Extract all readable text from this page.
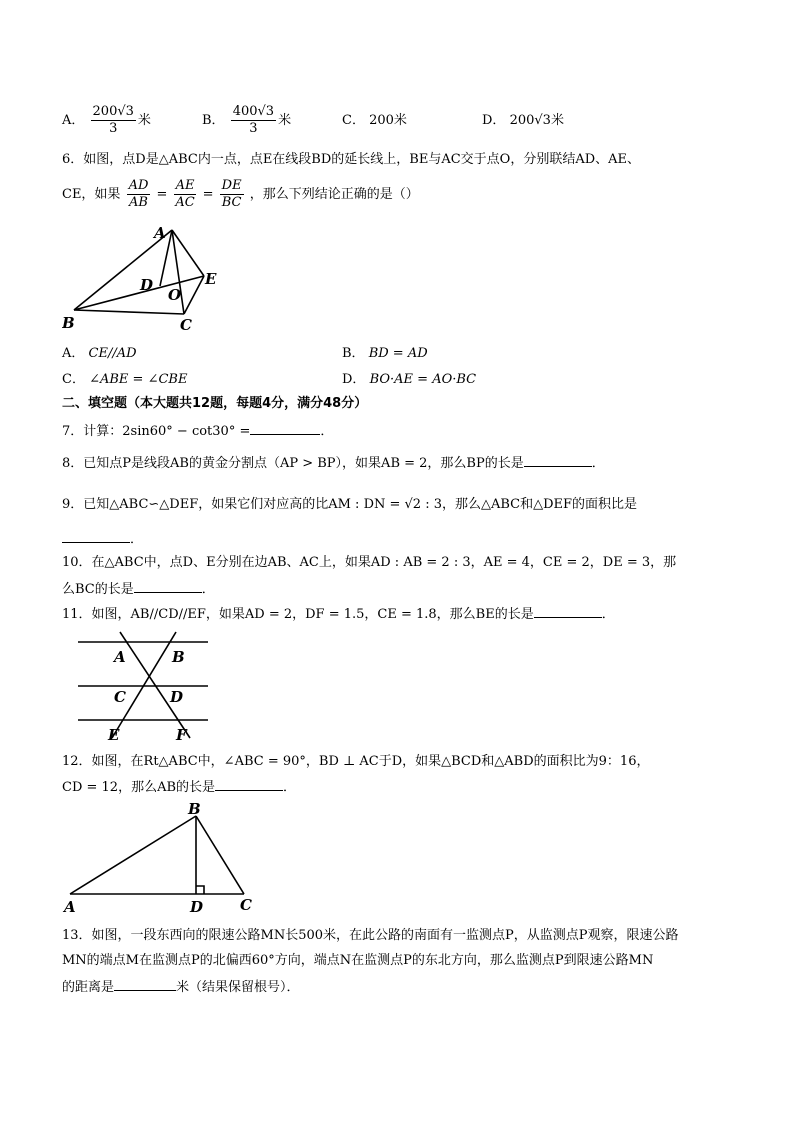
A． $\frac{200√3}{3}$ 米	B． $\frac{400√3}{3}$ 米	C． 200米	D． 200√3米
6．如图，点D是△ABC内一点，点E在线段BD的延长线上，BE与AC交于点O，分别联结AD、AE、
CE，如果 $\frac{AD}{AB} = \frac{AE}{AC} = \frac{DE}{BC}$ ，那么下列结论正确的是（）
A
B	C
D	E
O
A． CE//AD	B． BD = AD
C． ∠ABE = ∠CBE	D． BO·AE = AO·BC
二、填空题（本大题共12题，每题4分，满分48分）
7．计算：2sin60° − cot30° =	．
8．已知点P是线段AB的黄金分割点（AP > BP），如果AB = 2，那么BP的长是	．
9．已知△ABC∽△DEF，如果它们对应高的比AM : DN = √2 : 3，那么△ABC和△DEF的面积比是
．
10．在△ABC中，点D、E分别在边AB、AC上，如果AD : AB = 2 : 3，AE = 4，CE = 2，DE = 3，那
么BC的长是	．
11．如图，AB//CD//EF，如果AD = 2，DF = 1.5，CE = 1.8，那么BE的长是	．
A	B
C	D
E	F
12．如图，在Rt△ABC中，∠ABC = 90°，BD ⊥ AC于D，如果△BCD和△ABD的面积比为9：16，
CD = 12，那么AB的长是	．
B
A	D C
13．如图，一段东西向的限速公路MN长500米，在此公路的南面有一监测点P，从监测点P观察，限速公路
MN的端点M在监测点P的北偏西60°方向，端点N在监测点P的东北方向，那么监测点P到限速公路MN
的距离是	米（结果保留根号）．
